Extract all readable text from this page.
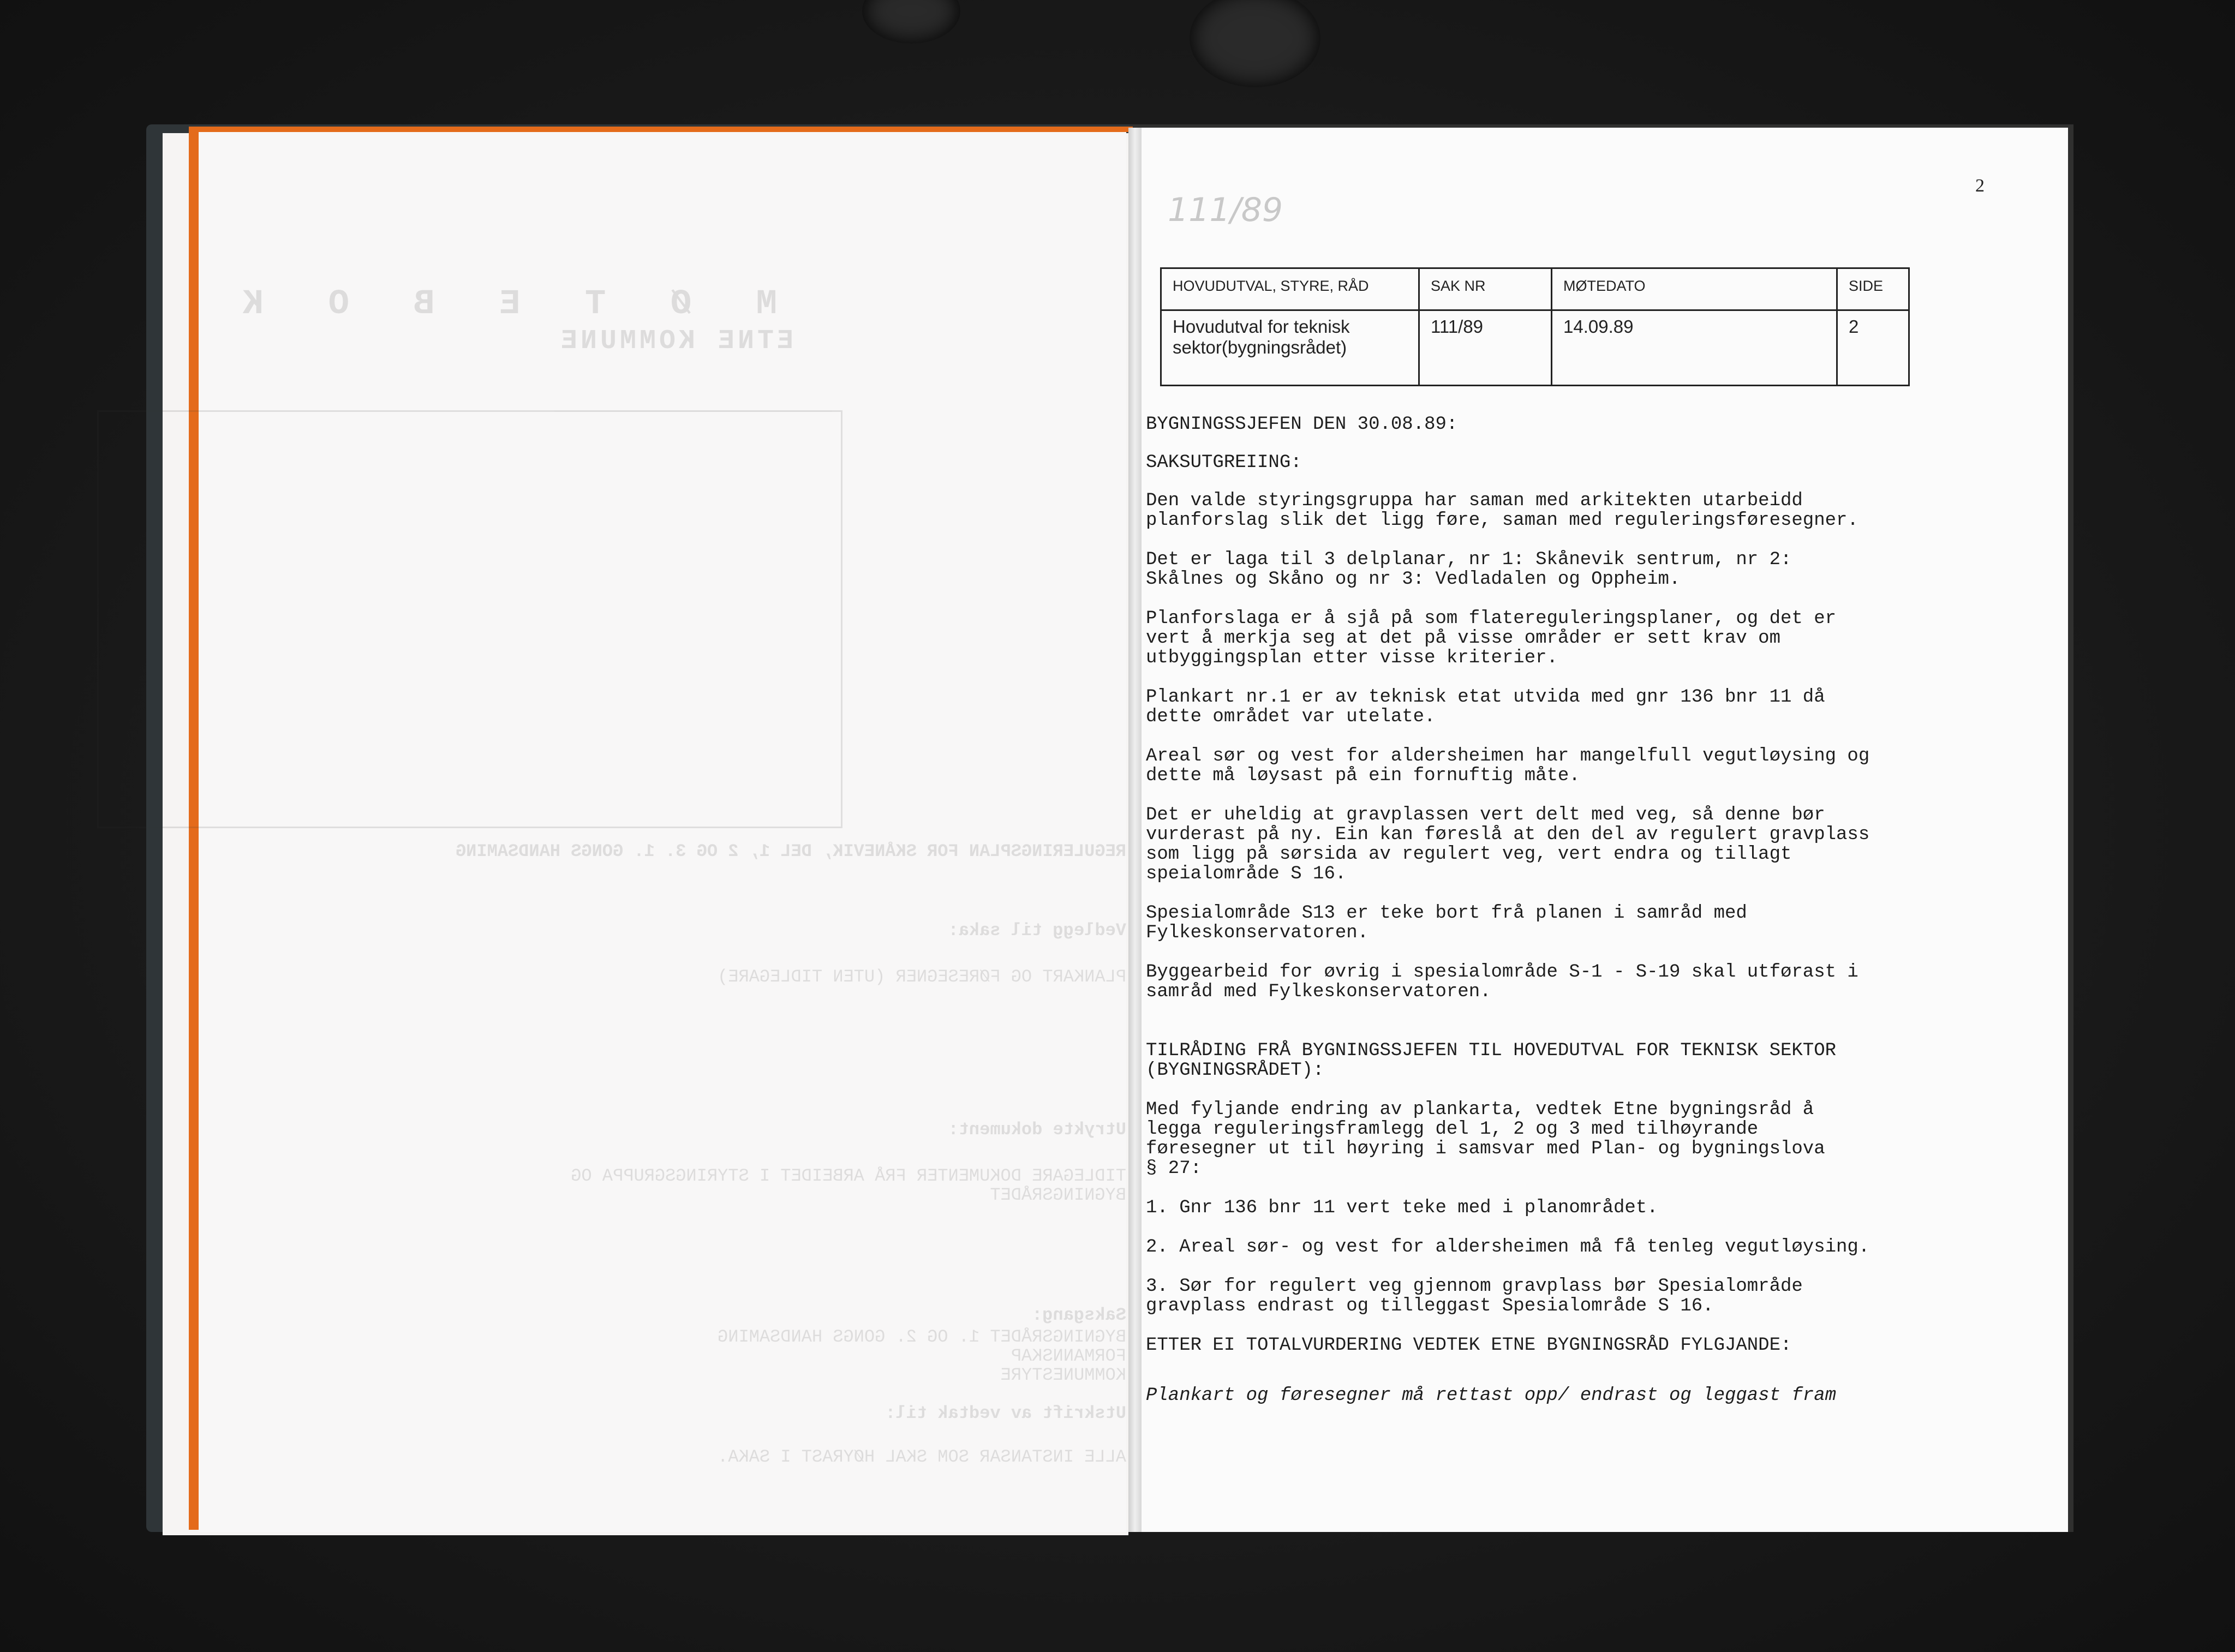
M Ø T E B O K
ETNE KOMMUNE
REGULERINGSPLAN FOR SKÅNEVIK, DEL 1, 2 OG 3. 1. GONGS HANDSAMING
Vedlegg til saka:
PLANKART OG FØRESEGNER (UTEN TIDLEGARE)
Utrykte dokument:
TIDLEGARE DOKUMENTER FRÅ ARBEIDET I STYRINGSGRUPPA OG
BYGNINGSRÅDET
Saksgang:
BYGNINGSRÅDET 1. OG 2. GONGS HANDSAMING
FORMANNSKAP
KOMMUNESTYRE
Utskrift av vedtak til:
ALLE INSTANSAR SOM SKAL HØYRAST I SAKA.
111/89
2
HOVUDUTVAL, STYRE, RÅD	SAK NR	MØTEDATO	SIDE
Hovudutval for teknisk sektor(bygningsrådet)	111/89	14.09.89	2

BYGNINGSSJEFEN DEN 30.08.89:

SAKSUTGREIING:

Den valde styringsgruppa har saman med arkitekten utarbeidd
planforslag slik det ligg føre, saman med reguleringsføresegner.

Det er laga til 3 delplanar, nr 1: Skånevik sentrum, nr 2:
Skålnes og Skåno og nr 3: Vedladalen og Oppheim.

Planforslaga er å sjå på som flatereguleringsplaner, og det er
vert å merkja seg at det på visse områder er sett krav om
utbyggingsplan etter visse kriterier.

Plankart nr.1 er av teknisk etat utvida med gnr 136 bnr 11 då
dette området var utelate.

Areal sør og vest for aldersheimen har mangelfull vegutløysing og
dette må løysast på ein fornuftig måte.

Det er uheldig at gravplassen vert delt med veg, så denne bør
vurderast på ny. Ein kan føreslå at den del av regulert gravplass
som ligg på sørsida av regulert veg, vert endra og tillagt
speialområde S 16.

Spesialområde S13 er teke bort frå planen i samråd med
Fylkeskonservatoren.

Byggearbeid for øvrig i spesialområde S-1 - S-19 skal utførast i
samråd med Fylkeskonservatoren.

TILRÅDING FRÅ BYGNINGSSJEFEN TIL HOVEDUTVAL FOR TEKNISK SEKTOR
(BYGNINGSRÅDET):

Med fyljande endring av plankarta, vedtek Etne bygningsråd å
legga reguleringsframlegg del 1, 2 og 3 med tilhøyrande
føresegner ut til høyring i samsvar med Plan- og bygningslova
§ 27:

1. Gnr 136 bnr 11 vert teke med i planområdet.

2. Areal sør- og vest for aldersheimen må få tenleg vegutløysing.

3. Sør for regulert veg gjennom gravplass bør Spesialområde
gravplass endrast og tilleggast Spesialområde S 16.

ETTER EI TOTALVURDERING VEDTEK ETNE BYGNINGSRÅD FYLGJANDE:

Plankart og føresegner må rettast opp/ endrast og leggast fram
